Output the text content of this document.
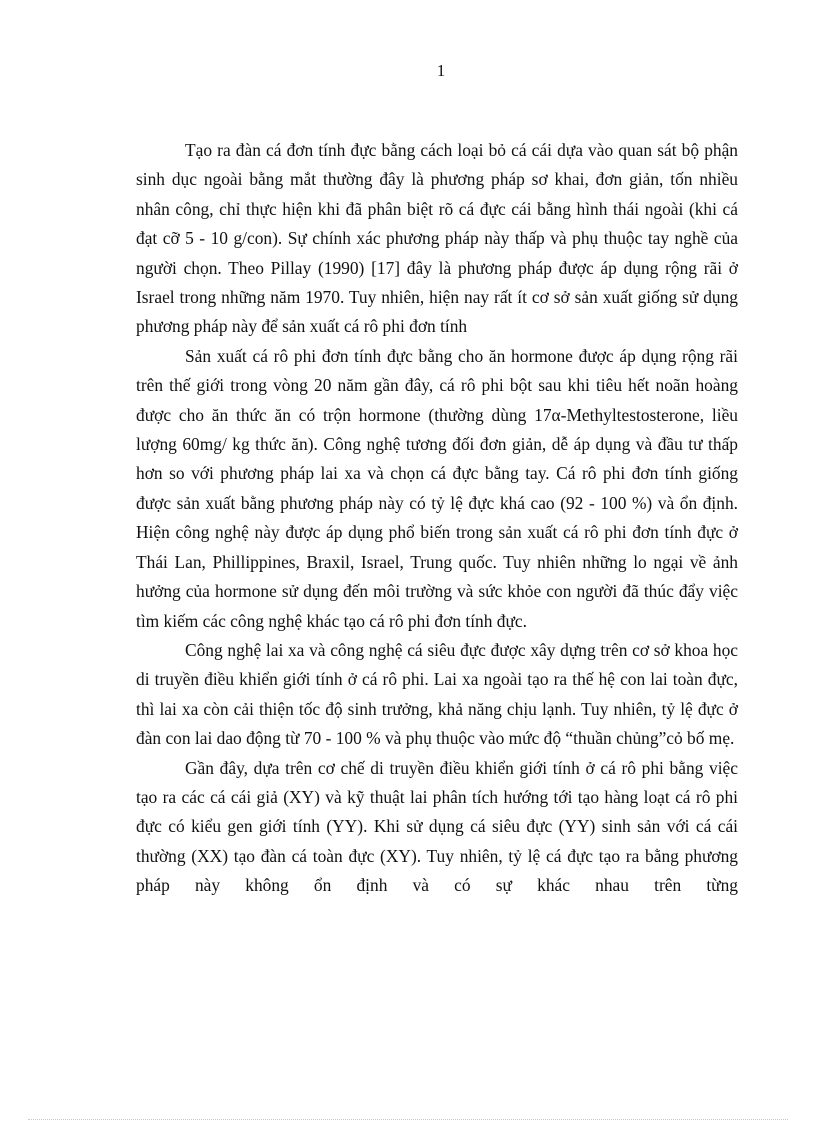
1

Tạo ra đàn cá đơn tính đực bằng cách loại bỏ cá cái dựa vào quan sát bộ phận sinh dục ngoài bằng mắt thường đây là phương pháp sơ khai, đơn giản, tốn nhiều nhân công, chỉ thực hiện khi đã phân biệt rõ cá đực cái bằng hình thái ngoài (khi cá đạt cỡ 5 - 10 g/con). Sự chính xác phương pháp này thấp và phụ thuộc tay nghề của người chọn. Theo Pillay (1990) [17] đây là phương pháp được áp dụng rộng rãi ở Israel trong những năm 1970. Tuy nhiên, hiện nay rất ít cơ sở sản xuất giống sử dụng phương pháp này để sản xuất cá rô phi đơn tính

Sản xuất cá rô phi đơn tính đực bằng cho ăn hormone được áp dụng rộng rãi trên thế giới trong vòng 20 năm gần đây, cá rô phi bột sau khi tiêu hết noãn hoàng được cho ăn thức ăn có trộn hormone (thường dùng 17α-Methyltestosterone, liều lượng 60mg/ kg thức ăn). Công nghệ tương đối đơn giản, dễ áp dụng và đầu tư thấp hơn so với phương pháp lai xa và chọn cá đực bằng tay. Cá rô phi đơn tính giống được sản xuất bằng phương pháp này có tỷ lệ đực khá cao (92 - 100 %) và ổn định. Hiện công nghệ này được áp dụng phổ biến trong sản xuất cá rô phi đơn tính đực ở Thái Lan, Phillippines, Braxil, Israel, Trung quốc. Tuy nhiên những lo ngại về ảnh hưởng của hormone sử dụng đến môi trường và sức khỏe con người đã thúc đẩy việc tìm kiếm các công nghệ khác tạo cá rô phi đơn tính đực.

Công nghệ lai xa và công nghệ cá siêu đực được xây dựng trên cơ sở khoa học di truyền điều khiển giới tính ở cá rô phi. Lai xa ngoài tạo ra thế hệ con lai toàn đực, thì lai xa còn cải thiện tốc độ sinh trưởng, khả năng chịu lạnh. Tuy nhiên, tỷ lệ đực ở đàn con lai dao động từ 70 - 100 % và phụ thuộc vào mức độ “thuần chủng”cỏ bố mẹ.

Gần đây, dựa trên cơ chế di truyền điều khiển giới tính ở cá rô phi bằng việc tạo ra các cá cái giả (XY) và kỹ thuật lai phân tích hướng tới tạo hàng loạt cá rô phi đực có kiểu gen giới tính (YY). Khi sử dụng cá siêu đực (YY) sinh sản với cá cái thường (XX) tạo đàn cá toàn đực (XY). Tuy nhiên, tỷ lệ cá đực tạo ra bằng phương pháp này không ổn định và có sự khác nhau trên từng
